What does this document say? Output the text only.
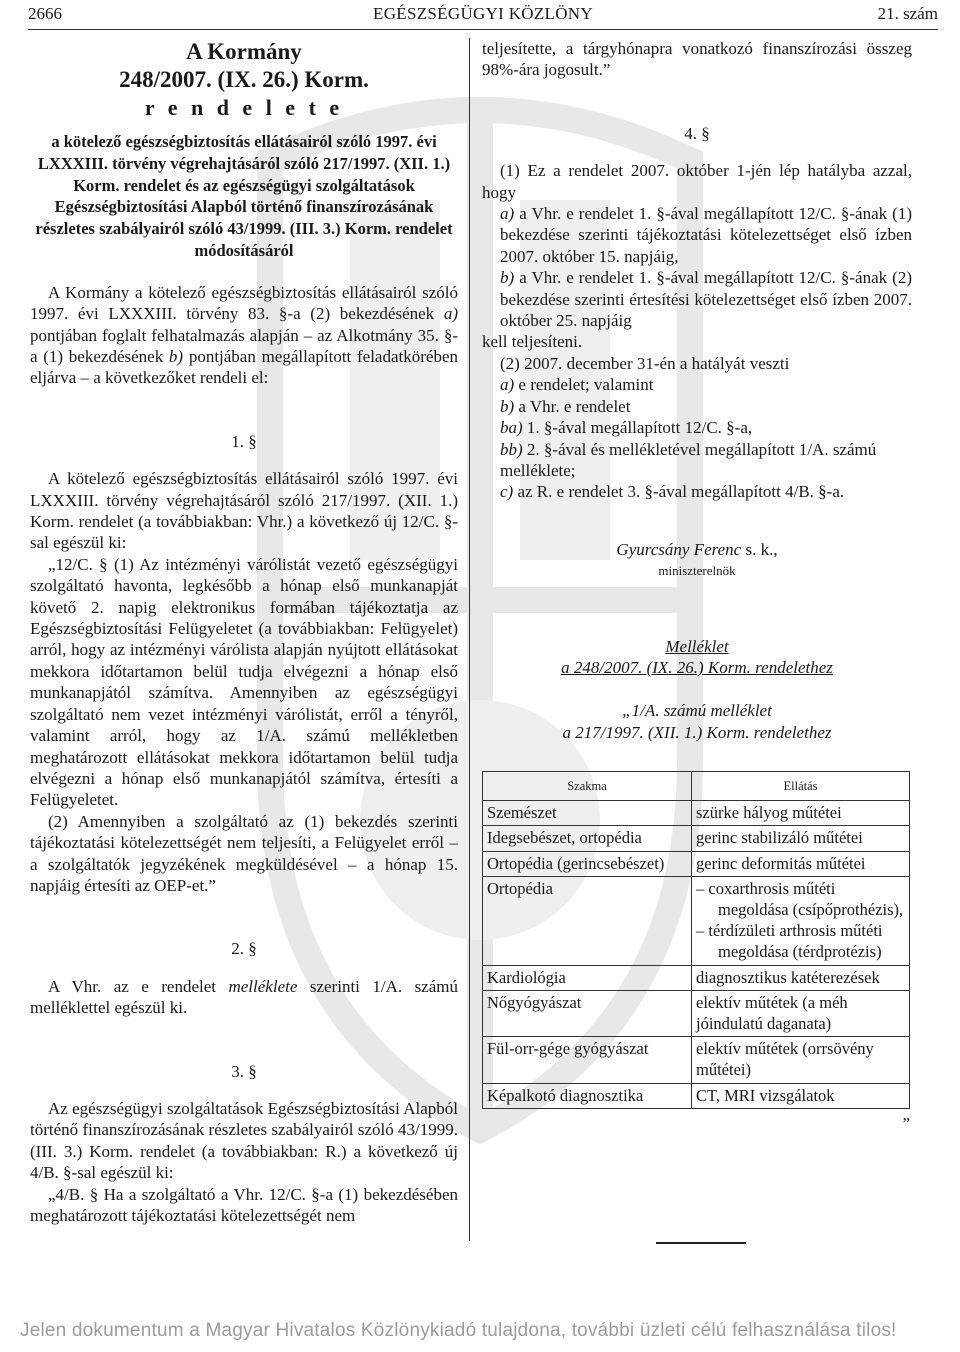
2666	EGÉSZSÉGÜGYI KÖZLÖNY	21. szám

A Kormány

248/2007. (IX. 26.) Korm.

r e n d e l e t e

a kötelező egészségbiztosítás ellátásairól szóló 1997. évi LXXXIII. törvény végrehajtásáról szóló 217/1997. (XII. 1.) Korm. rendelet és az egészségügyi szolgáltatások Egészségbiztosítási Alapból történő finanszírozásának részletes szabályairól szóló 43/1999. (III. 3.) Korm. rendelet módosításáról

A Kormány a kötelező egészségbiztosítás ellátásairól szóló 1997. évi LXXXIII. törvény 83. §-a (2) bekezdésének a) pontjában foglalt felhatalmazás alapján – az Alkotmány 35. §-a (1) bekezdésének b) pontjában megállapított feladatkörében eljárva – a következőket rendeli el:

1. §

A kötelező egészségbiztosítás ellátásairól szóló 1997. évi LXXXIII. törvény végrehajtásáról szóló 217/1997. (XII. 1.) Korm. rendelet (a továbbiakban: Vhr.) a következő új 12/C. §-sal egészül ki:

„12/C. § (1) Az intézményi várólistát vezető egészségügyi szolgáltató havonta, legkésőbb a hónap első munkanapját követő 2. napig elektronikus formában tájékoztatja az Egészségbiztosítási Felügyeletet (a továbbiakban: Felügyelet) arról, hogy az intézményi várólista alapján nyújtott ellátásokat mekkora időtartamon belül tudja elvégezni a hónap első munkanapjától számítva. Amennyiben az egészségügyi szolgáltató nem vezet intézményi várólistát, erről a tényről, valamint arról, hogy az 1/A. számú mellékletben meghatározott ellátásokat mekkora időtartamon belül tudja elvégezni a hónap első munkanapjától számítva, értesíti a Felügyeletet.

(2) Amennyiben a szolgáltató az (1) bekezdés szerinti tájékoztatási kötelezettségét nem teljesíti, a Felügyelet erről – a szolgáltatók jegyzékének megküldésével – a hónap 15. napjáig értesíti az OEP-et.”

2. §

A Vhr. az e rendelet melléklete szerinti 1/A. számú melléklettel egészül ki.

3. §

Az egészségügyi szolgáltatások Egészségbiztosítási Alapból történő finanszírozásának részletes szabályairól szóló 43/1999. (III. 3.) Korm. rendelet (a továbbiakban: R.) a következő új 4/B. §-sal egészül ki:

„4/B. § Ha a szolgáltató a Vhr. 12/C. §-a (1) bekezdésében meghatározott tájékoztatási kötelezettségét nem

teljesítette, a tárgyhónapra vonatkozó finanszírozási összeg 98%-ára jogosult.”

4. §

(1) Ez a rendelet 2007. október 1-jén lép hatályba azzal, hogy

a) a Vhr. e rendelet 1. §-ával megállapított 12/C. §-ának (1) bekezdése szerinti tájékoztatási kötelezettséget első ízben 2007. október 15. napjáig,

b) a Vhr. e rendelet 1. §-ával megállapított 12/C. §-ának (2) bekezdése szerinti értesítési kötelezettséget első ízben 2007. október 25. napjáig

kell teljesíteni.

(2) 2007. december 31-én a hatályát veszti

a) e rendelet; valamint

b) a Vhr. e rendelet

ba) 1. §-ával megállapított 12/C. §-a,

bb) 2. §-ával és mellékletével megállapított 1/A. számú melléklete;

c) az R. e rendelet 3. §-ával megállapított 4/B. §-a.

Gyurcsány Ferenc s. k.,

miniszterelnök

Melléklet

a 248/2007. (IX. 26.) Korm. rendelethez

„1/A. számú melléklet

a 217/1997. (XII. 1.) Korm. rendelethez

Szakma	Ellátás
Szemészet	szürke hályog műtétei
Idegsebészet, ortopédia	gerinc stabilizáló műtétei
Ortopédia (gerincsebészet)	gerinc deformitás műtétei
Ortopédia	– coxarthrosis műtéti megoldása (csípőprothézis),
– térdízületi arthrosis műtéti megoldása (térdprotézis)

Kardiológia	diagnosztikus katéterezések
Nőgyógyászat	elektív műtétek (a méh jóindulatú daganata)
Fül-orr-gége gyógyászat	elektív műtétek (orrsövény műtétei)
Képalkotó diagnosztika	CT, MRI vizsgálatok

”

Jelen dokumentum a Magyar Hivatalos Közlönykiadó tulajdona, további üzleti célú felhasználása tilos!
